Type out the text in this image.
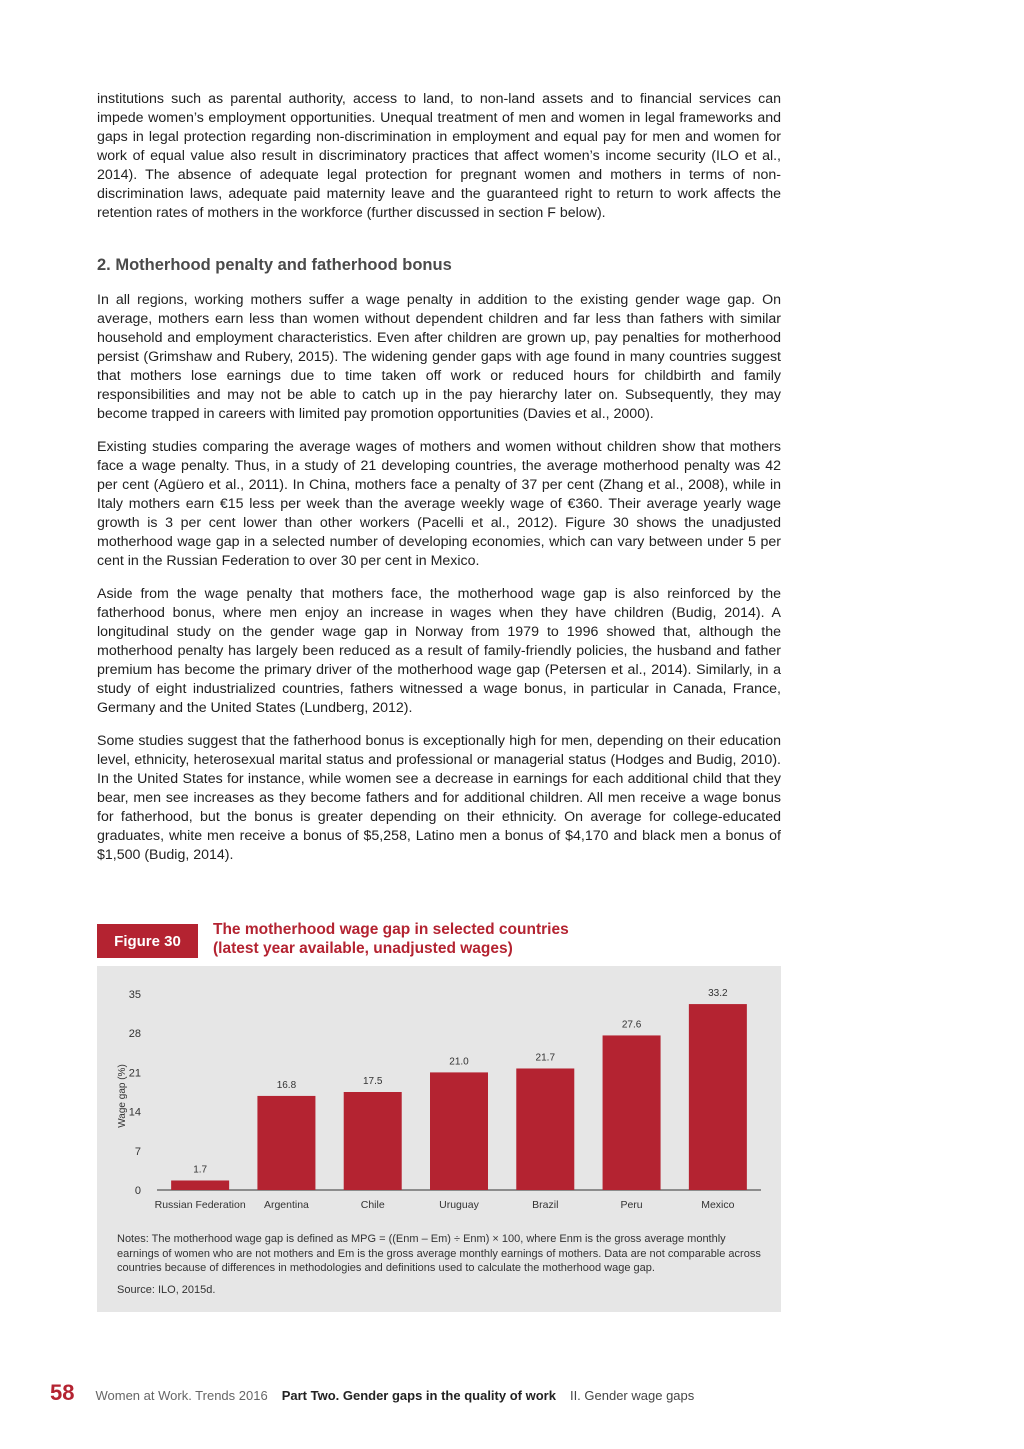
institutions such as parental authority, access to land, to non-land assets and to financial services can impede women’s employment opportunities. Unequal treatment of men and women in legal frameworks and gaps in legal protection regarding non-discrimination in employment and equal pay for men and women for work of equal value also result in discriminatory practices that affect women’s income security (ILO et al., 2014). The absence of adequate legal protection for pregnant women and mothers in terms of non-discrimination laws, adequate paid maternity leave and the guaranteed right to return to work affects the retention rates of mothers in the workforce (further discussed in section F below).

2. Motherhood penalty and fatherhood bonus

In all regions, working mothers suffer a wage penalty in addition to the existing gender wage gap. On average, mothers earn less than women without dependent children and far less than fathers with similar household and employment characteristics. Even after children are grown up, pay penalties for motherhood persist (Grimshaw and Rubery, 2015). The widening gender gaps with age found in many countries suggest that mothers lose earnings due to time taken off work or reduced hours for childbirth and family responsibilities and may not be able to catch up in the pay hierarchy later on. Subsequently, they may become trapped in careers with limited pay promotion opportunities (Davies et al., 2000).

Existing studies comparing the average wages of mothers and women without children show that mothers face a wage penalty. Thus, in a study of 21 developing countries, the average motherhood penalty was 42 per cent (Agüero et al., 2011). In China, mothers face a penalty of 37 per cent (Zhang et al., 2008), while in Italy mothers earn €15 less per week than the average weekly wage of €360. Their average yearly wage growth is 3 per cent lower than other workers (Pacelli et al., 2012). Figure 30 shows the unadjusted motherhood wage gap in a selected number of developing economies, which can vary between under 5 per cent in the Russian Federation to over 30 per cent in Mexico.

Aside from the wage penalty that mothers face, the motherhood wage gap is also reinforced by the fatherhood bonus, where men enjoy an increase in wages when they have children (Budig, 2014). A longitudinal study on the gender wage gap in Norway from 1979 to 1996 showed that, although the motherhood penalty has largely been reduced as a result of family-friendly policies, the husband and father premium has become the primary driver of the motherhood wage gap (Petersen et al., 2014). Similarly, in a study of eight industrialized countries, fathers witnessed a wage bonus, in particular in Canada, France, Germany and the United States (Lundberg, 2012).

Some studies suggest that the fatherhood bonus is exceptionally high for men, depending on their education level, ethnicity, heterosexual marital status and professional or managerial status (Hodges and Budig, 2010). In the United States for instance, while women see a decrease in earnings for each additional child that they bear, men see increases as they become fathers and for additional children. All men receive a wage bonus for fatherhood, but the bonus is greater depending on their ethnicity. On average for college-educated graduates, white men receive a bonus of $5,258, Latino men a bonus of $4,170 and black men a bonus of $1,500 (Budig, 2014).

Figure 30
The motherhood wage gap in selected countries
(latest year available, unadjusted wages)
0
7
14
21
28
35
Wage gap (%)
1.7
Russian Federation
16.8
Argentina
17.5
Chile
21.0
Uruguay
21.7
Brazil
27.6
Peru
33.2
Mexico

Notes: The motherhood wage gap is defined as MPG = ((Enm – Em) ÷ Enm) × 100, where Enm is the gross average monthly earnings of women who are not mothers and Em is the gross average monthly earnings of mothers. Data are not comparable across countries because of differences in methodologies and definitions used to calculate the motherhood wage gap.

Source: ILO, 2015d.

58 Women at Work. Trends 2016 Part Two. Gender gaps in the quality of work II. Gender wage gaps
